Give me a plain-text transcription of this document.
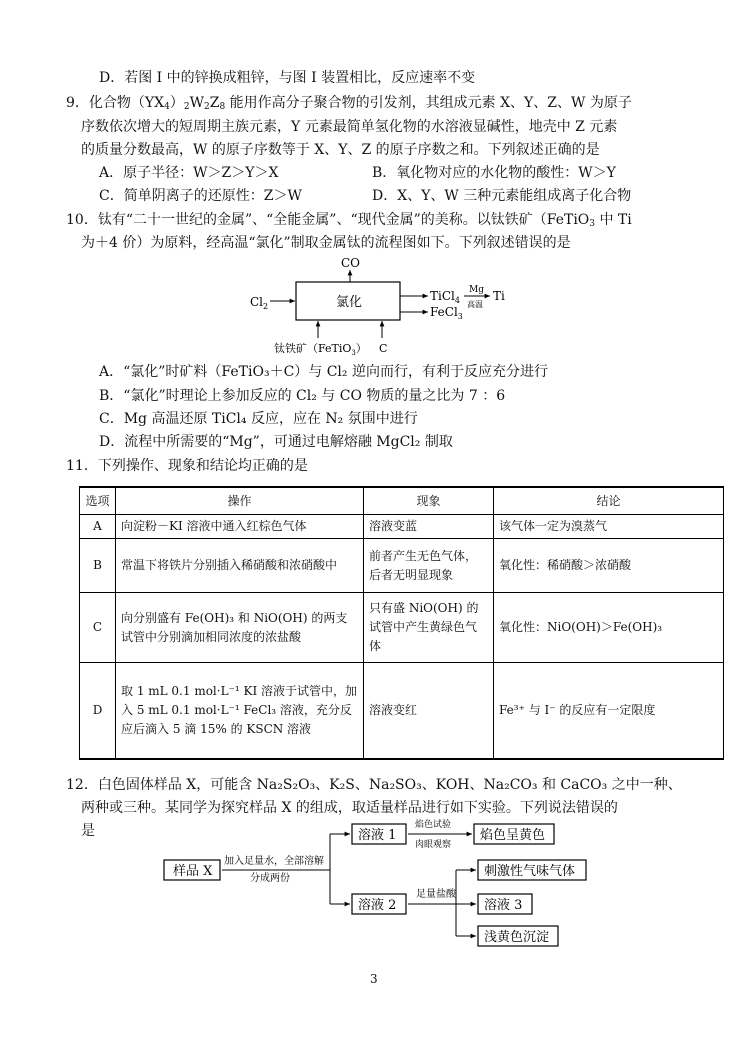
D．若图 I 中的锌换成粗锌，与图 I 装置相比，反应速率不变
9．化合物$(YX_4)_2W_2Z_8$ 能用作高分子聚合物的引发剂，其组成元素 X、Y、Z、W 为原子
序数依次增大的短周期主族元素，Y 元素最简单氢化物的水溶液显碱性，地壳中 Z 元素
的质量分数最高，W 的原子序数等于 X、Y、Z 的原子序数之和。下列叙述正确的是
A．原子半径：W＞Z＞Y＞X	B．氧化物对应的水化物的酸性：W＞Y
C．简单阴离子的还原性：Z＞W	D．X、Y、W 三种元素能组成离子化合物
10．钛有“二十一世纪的金属”、“全能金属”、“现代金属”的美称。以钛铁矿（FeTiO$_3$ 中 Ti
为＋4 价）为原料，经高温“氯化”制取金属钛的流程图如下。下列叙述错误的是
CO
氯化
$Cl_2$
TiCl$_4$
FeCl$_3$
Mg
高温
Ti
钛铁矿（FeTiO$_3$） C
A．“氯化”时矿料（FeTiO₃＋C）与 Cl₂ 逆向而行，有利于反应充分进行
B．“氯化”时理论上参加反应的 Cl₂ 与 CO 物质的量之比为 7 ：6
C．Mg 高温还原 TiCl₄ 反应，应在 N₂ 氛围中进行
D．流程中所需要的“Mg”，可通过电解熔融 MgCl₂ 制取
11．下列操作、现象和结论均正确的是
选项	操作	现象	结论
A	向淀粉－KI 溶液中通入红棕色气体	溶液变蓝	该气体一定为溴蒸气
B	常温下将铁片分别插入稀硝酸和浓硝酸中	前者产生无色气体，后者无明显现象	氧化性：稀硝酸＞浓硝酸
C	向分别盛有 Fe(OH)₃ 和 NiO(OH) 的两支试管中分别滴加相同浓度的浓盐酸	只有盛 NiO(OH) 的试管中产生黄绿色气体	氧化性：NiO(OH)＞Fe(OH)₃
D	取 1 mL 0.1 mol·L⁻¹ KI 溶液于试管中，加入 5 mL 0.1 mol·L⁻¹ FeCl₃ 溶液，充分反应后滴入 5 滴 15% 的 KSCN 溶液	溶液变红	Fe³⁺ 与 I⁻ 的反应有一定限度
12．白色固体样品 X，可能含 Na₂S₂O₃、K₂S、Na₂SO₃、KOH、Na₂CO₃ 和 CaCO₃ 之中一种、
两种或三种。某同学为探究样品 X 的组成，取适量样品进行如下实验。下列说法错误的
是
样品 X
加入足量水，全部溶解
分成两份
溶液 1
焰色试验
肉眼观察
焰色呈黄色
溶液 2
足量盐酸
刺激性气味气体
溶液 3
浅黄色沉淀
3
